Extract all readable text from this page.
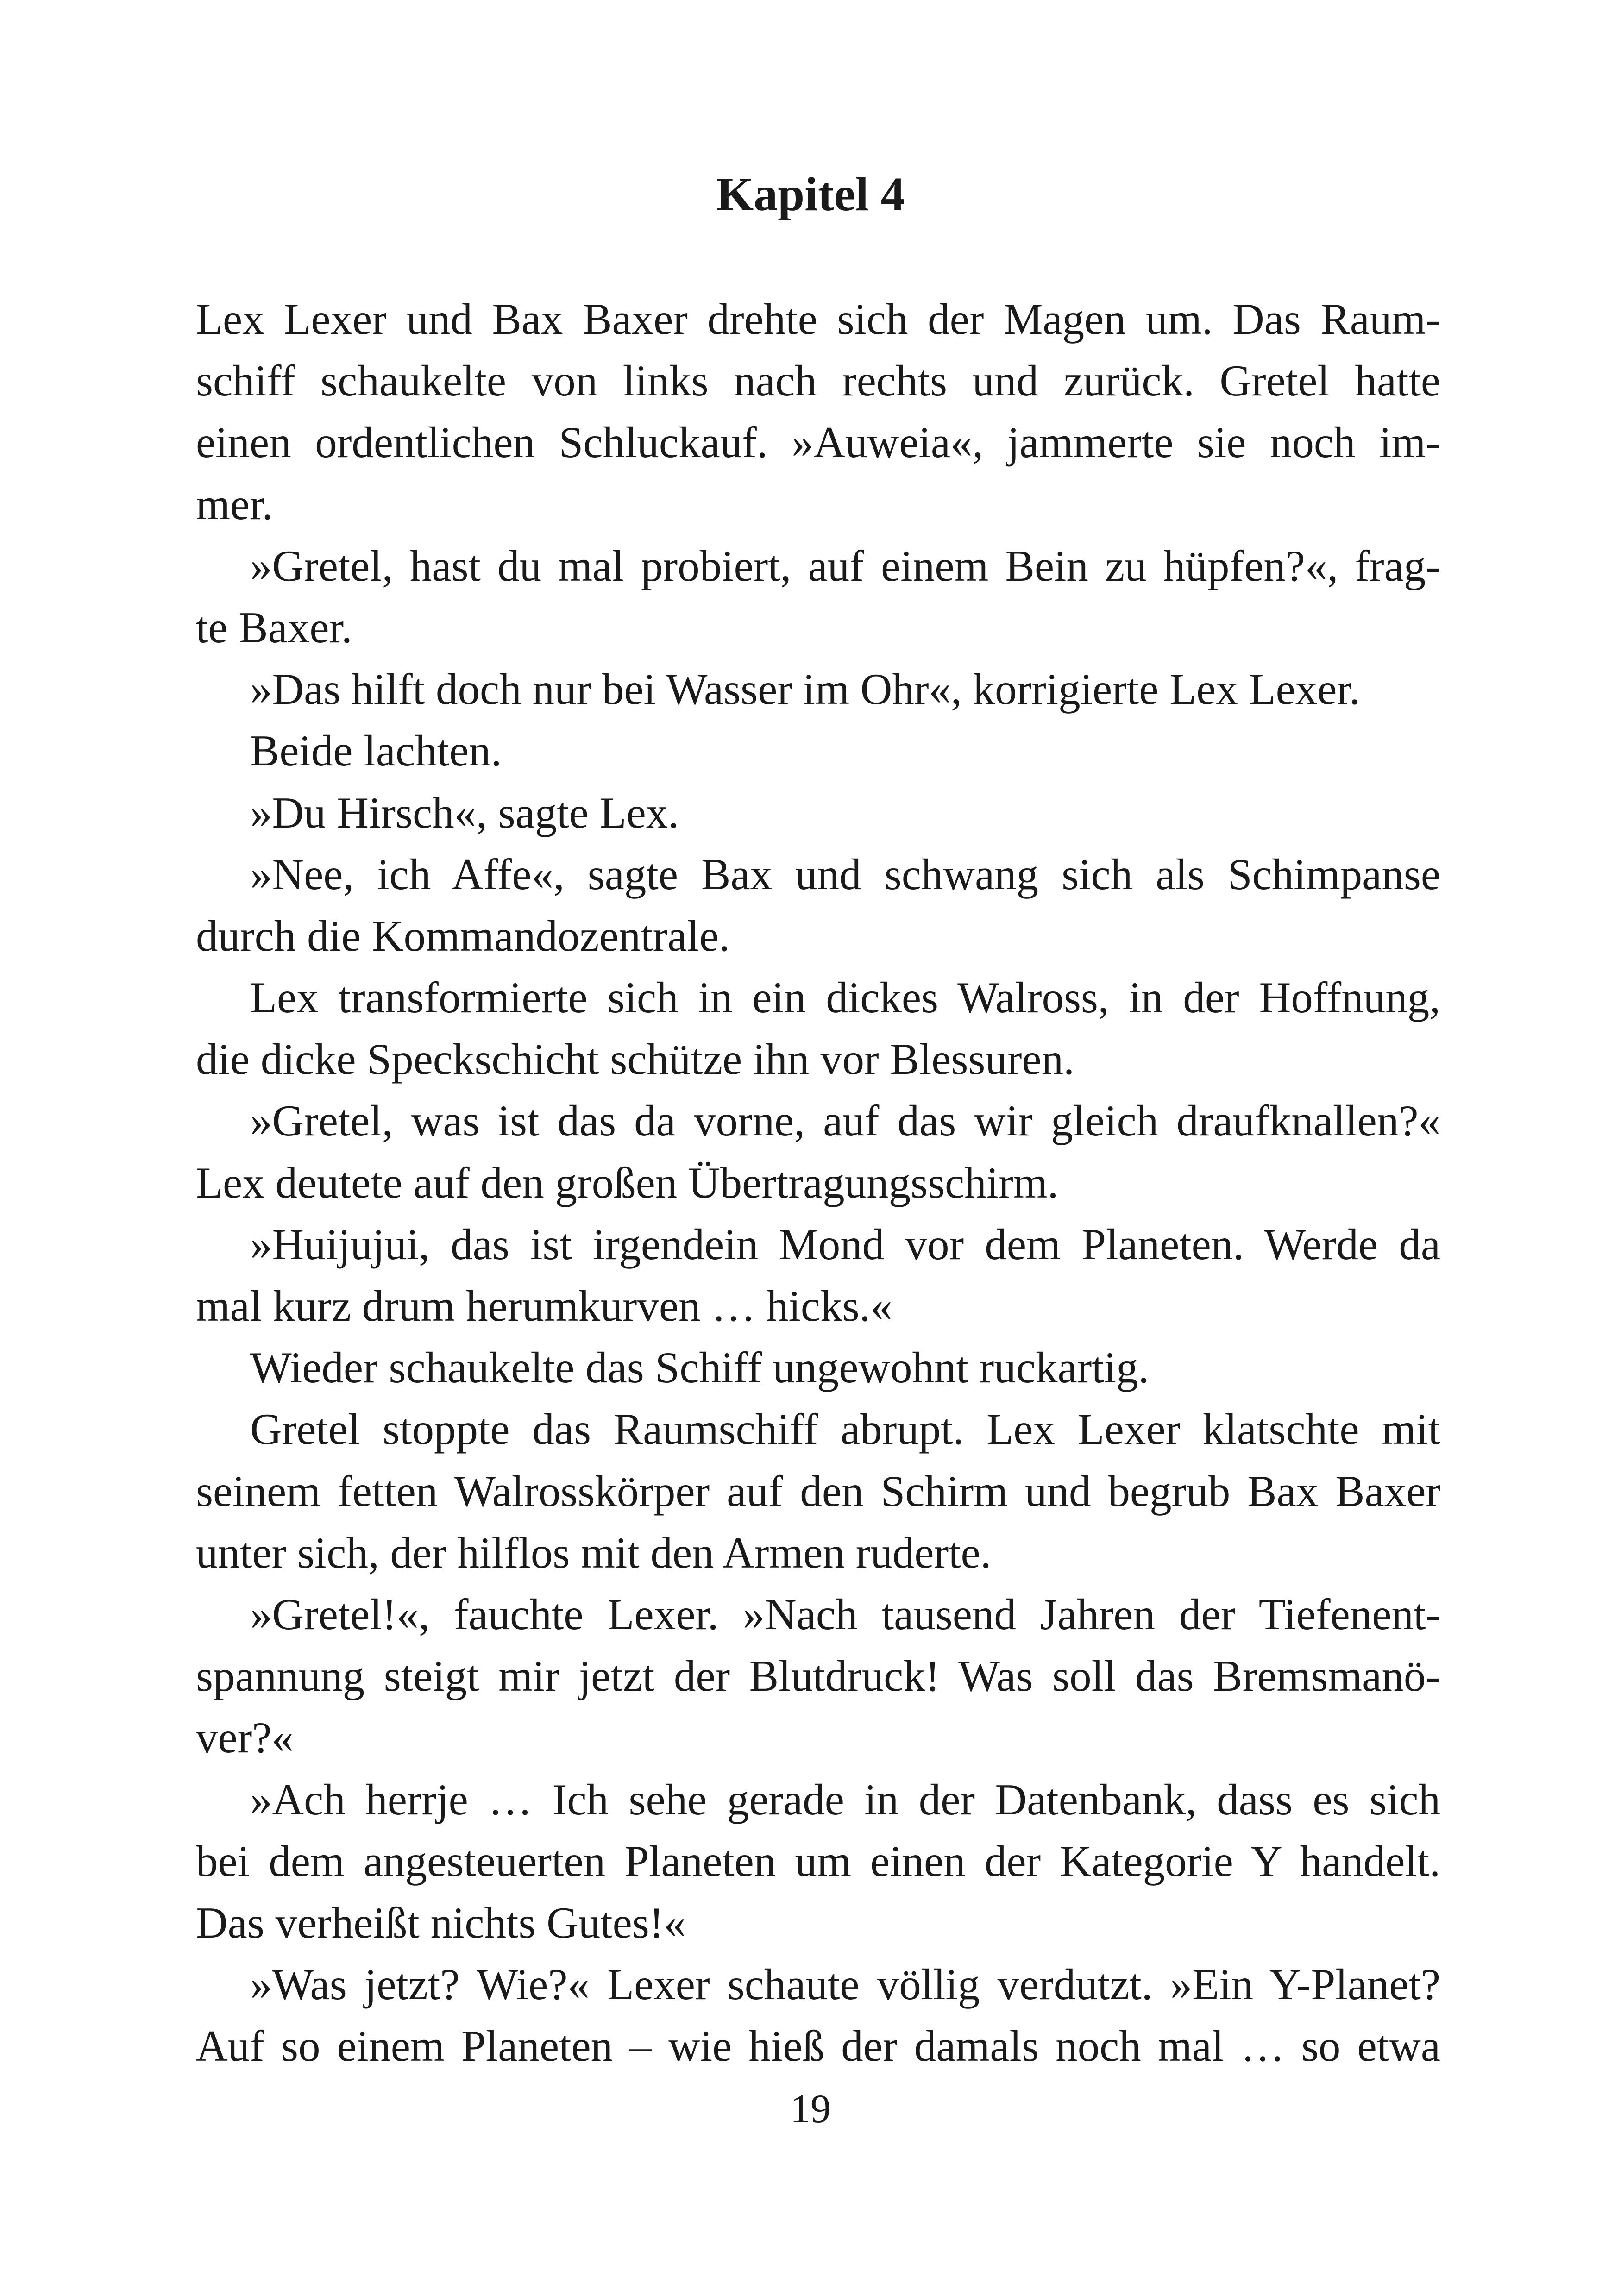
Kapitel 4
Lex Lexer und Bax Baxer drehte sich der Magen um. Das Raum-
schiff schaukelte von links nach rechts und zurück. Gretel hatte
einen ordentlichen Schluckauf. »Auweia«, jammerte sie noch im-
mer.
»Gretel, hast du mal probiert, auf einem Bein zu hüpfen?«, frag-
te Baxer.
»Das hilft doch nur bei Wasser im Ohr«, korrigierte Lex Lexer.
Beide lachten.
»Du Hirsch«, sagte Lex.
»Nee, ich Affe«, sagte Bax und schwang sich als Schimpanse
durch die Kommandozentrale.
Lex transformierte sich in ein dickes Walross, in der Hoffnung,
die dicke Speckschicht schütze ihn vor Blessuren.
»Gretel, was ist das da vorne, auf das wir gleich draufknallen?«
Lex deutete auf den großen Übertragungsschirm.
»Huijujui, das ist irgendein Mond vor dem Planeten. Werde da
mal kurz drum herumkurven … hicks.«
Wieder schaukelte das Schiff ungewohnt ruckartig.
Gretel stoppte das Raumschiff abrupt. Lex Lexer klatschte mit
seinem fetten Walrosskörper auf den Schirm und begrub Bax Baxer
unter sich, der hilflos mit den Armen ruderte.
»Gretel!«, fauchte Lexer. »Nach tausend Jahren der Tiefenent-
spannung steigt mir jetzt der Blutdruck! Was soll das Bremsmanö-
ver?«
»Ach herrje … Ich sehe gerade in der Datenbank, dass es sich
bei dem angesteuerten Planeten um einen der Kategorie Y handelt.
Das verheißt nichts Gutes!«
»Was jetzt? Wie?« Lexer schaute völlig verdutzt. »Ein Y-Planet?
Auf so einem Planeten – wie hieß der damals noch mal … so etwa
19
